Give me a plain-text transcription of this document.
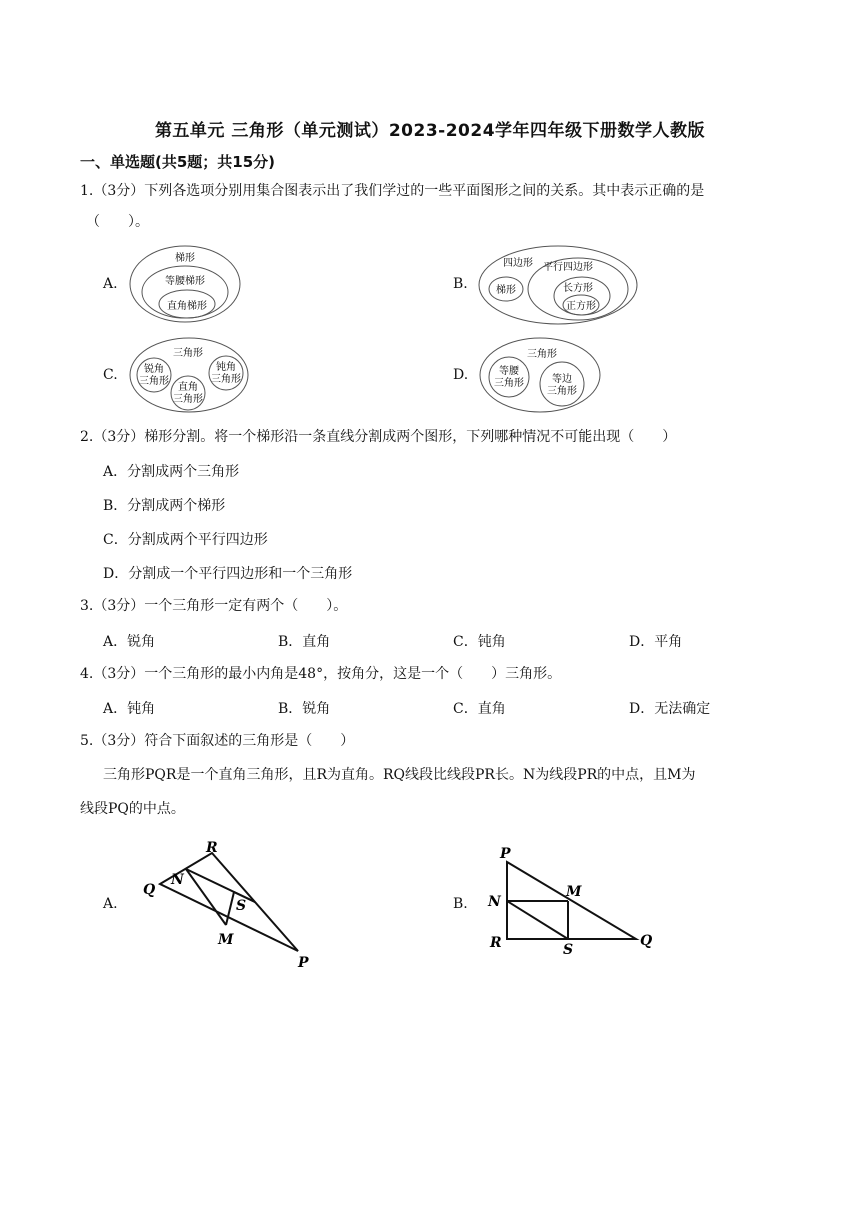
第五单元 三角形（单元测试）2023-2024学年四年级下册数学人教版
一、单选题(共5题；共15分)
1.（3分）下列各选项分别用集合图表示出了我们学过的一些平面图形之间的关系。其中表示正确的是
（　　）。
A.
梯形
等腰梯形
直角梯形
B.
四边形 平行四边形
梯形	长方形
正方形
C.
三角形
锐角
三角形
钝角
三角形
直角
三角形
D.
三角形
等腰
三角形	等边
三角形
2.（3分）梯形分割。将一个梯形沿一条直线分割成两个图形，下列哪种情况不可能出现（　　）
A．分割成两个三角形
B．分割成两个梯形
C．分割成两个平行四边形
D．分割成一个平行四边形和一个三角形
3.（3分）一个三角形一定有两个（　　）。
A．锐角	B．直角	C．钝角	D．平角
4.（3分）一个三角形的最小内角是48°，按角分，这是一个（　　）三角形。
A．钝角	B．锐角	C．直角	D．无法确定
5.（3分）符合下面叙述的三角形是（　　）
三角形PQR是一个直角三角形，且R为直角。RQ线段比线段PR长。N为线段PR的中点，且M为
线段PQ的中点。
A.
R
N
Q
S
M
P
B.
P
M
N
R	S
Q
